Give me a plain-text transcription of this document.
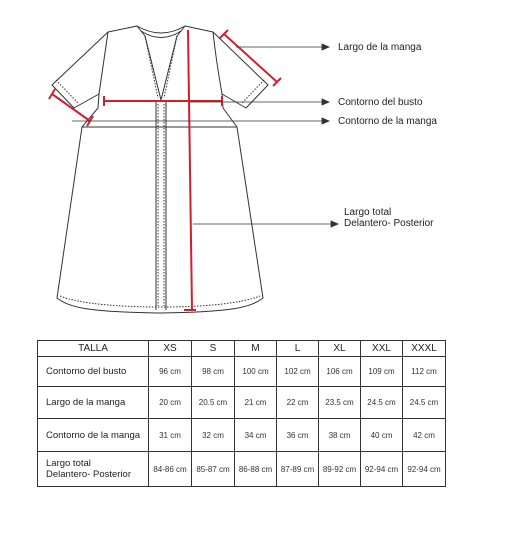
Largo de la manga
Contorno del busto
Contorno de la manga
Largo total
Delantero- Posterior
TALLA	XS	S	M	L	XL	XXL	XXXL
Contorno del busto	96 cm	98 cm	100 cm	102 cm	106 cm	109 cm	112 cm
Largo de la manga	20 cm	20.5 cm	21 cm	22 cm	23.5 cm	24.5 cm	24.5 cm
Contorno de la manga	31 cm	32 cm	34 cm	36 cm	38 cm	40 cm	42 cm

Largo total
Delantero- Posterior	84-86 cm	85-87 cm	86-88 cm	87-89 cm	89-92 cm	92-94 cm	92-94 cm
